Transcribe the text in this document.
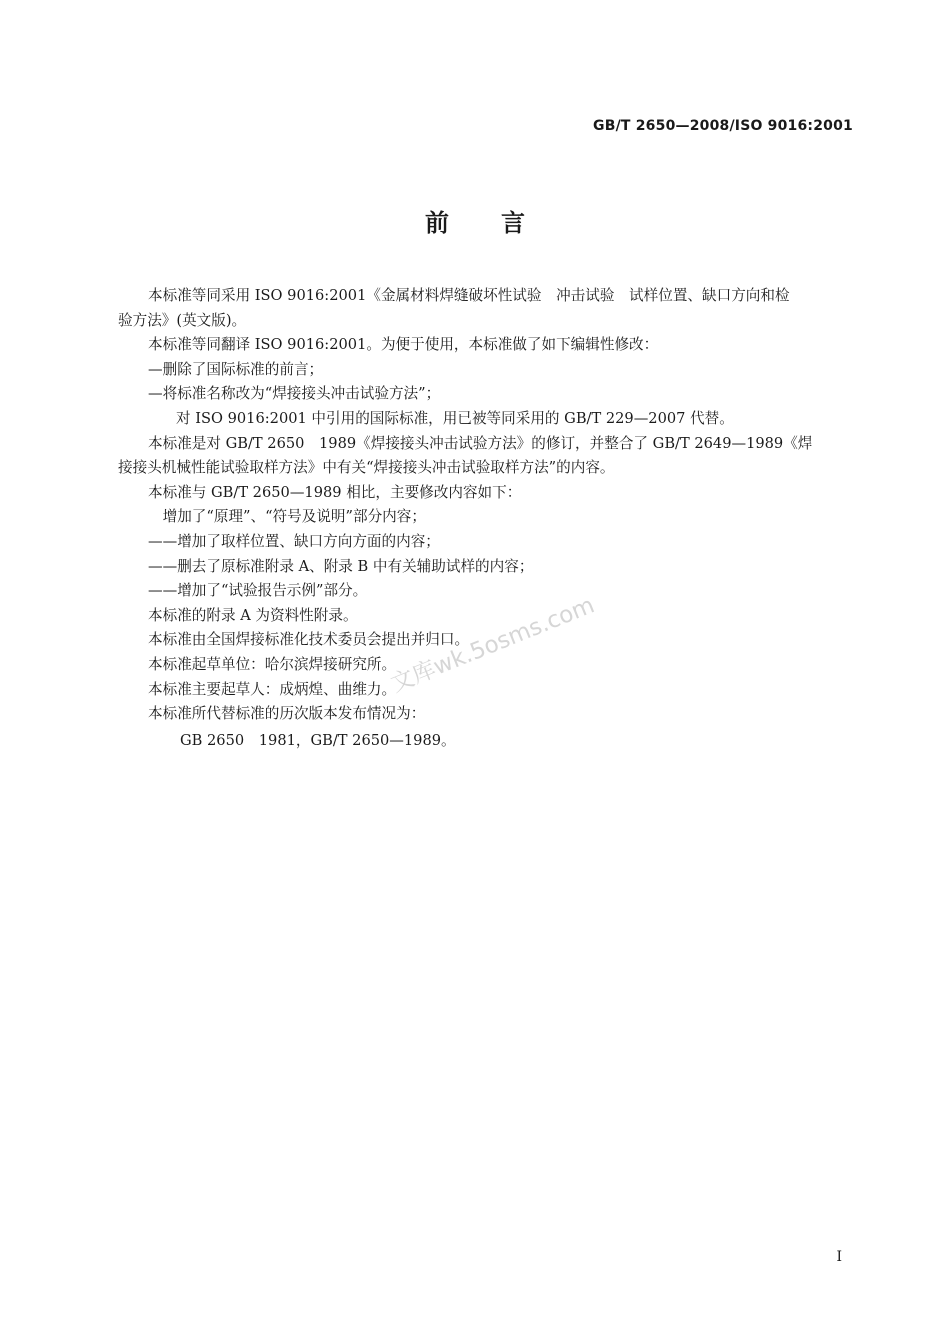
GB/T 2650—2008/ISO 9016:2001
前言

本标准等同采用 ISO 9016:2001《金属材料焊缝破坏性试验　冲击试验　试样位置、缺口方向和检

验方法》(英文版)。

本标准等同翻译 ISO 9016:2001。为便于使用，本标准做了如下编辑性修改：

—删除了国际标准的前言；

—将标准名称改为“焊接接头冲击试验方法”；

对 ISO 9016:2001 中引用的国际标准，用已被等同采用的 GB/T 229—2007 代替。

本标准是对 GB/T 2650　1989《焊接接头冲击试验方法》的修订，并整合了 GB/T 2649—1989《焊

接接头机械性能试验取样方法》中有关“焊接接头冲击试验取样方法”的内容。

本标准与 GB/T 2650—1989 相比，主要修改内容如下：

　增加了“原理”、“符号及说明”部分内容；

——增加了取样位置、缺口方向方面的内容；

——删去了原标准附录 A、附录 B 中有关辅助试样的内容；

——增加了“试验报告示例”部分。

本标准的附录 A 为资料性附录。

本标准由全国焊接标准化技术委员会提出并归口。

本标准起草单位：哈尔滨焊接研究所。

本标准主要起草人：成炳煌、曲维力。

本标准所代替标准的历次版本发布情况为：

GB 2650　1981，GB/T 2650—1989。

文库wk.5osms.com
I
